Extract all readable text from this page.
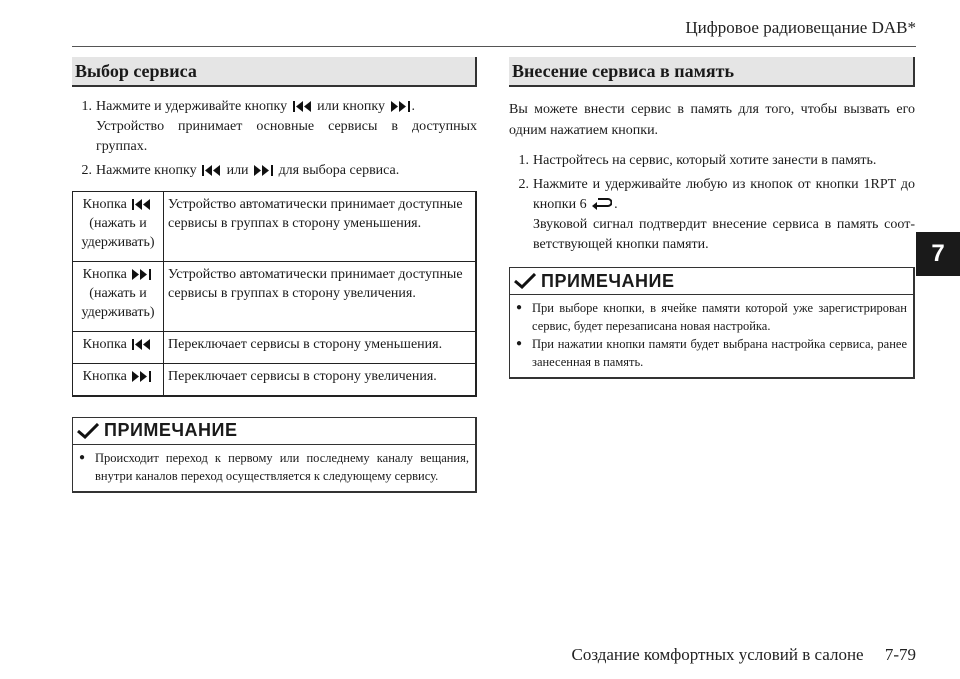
Цифровое радиовещание DAB*
7
Выбор сервиса
1. Нажмите и удерживайте кнопку или кнопку .
Устройство принимает основные сервисы в доступных группах.
2. Нажмите кнопку или для выбора сервиса.
Кнопка
(нажать и удерживать)	Устройство автоматически принимает доступные сервисы в группах в сторону уменьшения.
Кнопка
(нажать и удерживать)	Устройство автоматически принимает доступные сервисы в группах в сторону увеличения.
Кнопка	Переключает сервисы в сторону уменьшения.
Кнопка	Переключает сервисы в сторону увеличения.
ПРИМЕЧАНИЕ
● Происходит переход к первому или последнему каналу вещания, внутри каналов переход осуществляется к следующему сервису.
Внесение сервиса в память

Вы можете внести сервис в память для того, чтобы вызвать его одним нажатием кнопки.

1. Настройтесь на сервис, который хотите занести в память.
2. Нажмите и удерживайте любую из кнопок от кнопки 1RPT до кнопки 6 .
Звуковой сигнал подтвердит внесение сервиса в память соот-ветствующей кнопки памяти.
ПРИМЕЧАНИЕ
● При выборе кнопки, в ячейке памяти которой уже зарегистрирован сервис, будет перезаписана новая настройка.
● При нажатии кнопки памяти будет выбрана настройка сервиса, ранее занесенная в память.
Создание комфортных условий в салоне     7-79
